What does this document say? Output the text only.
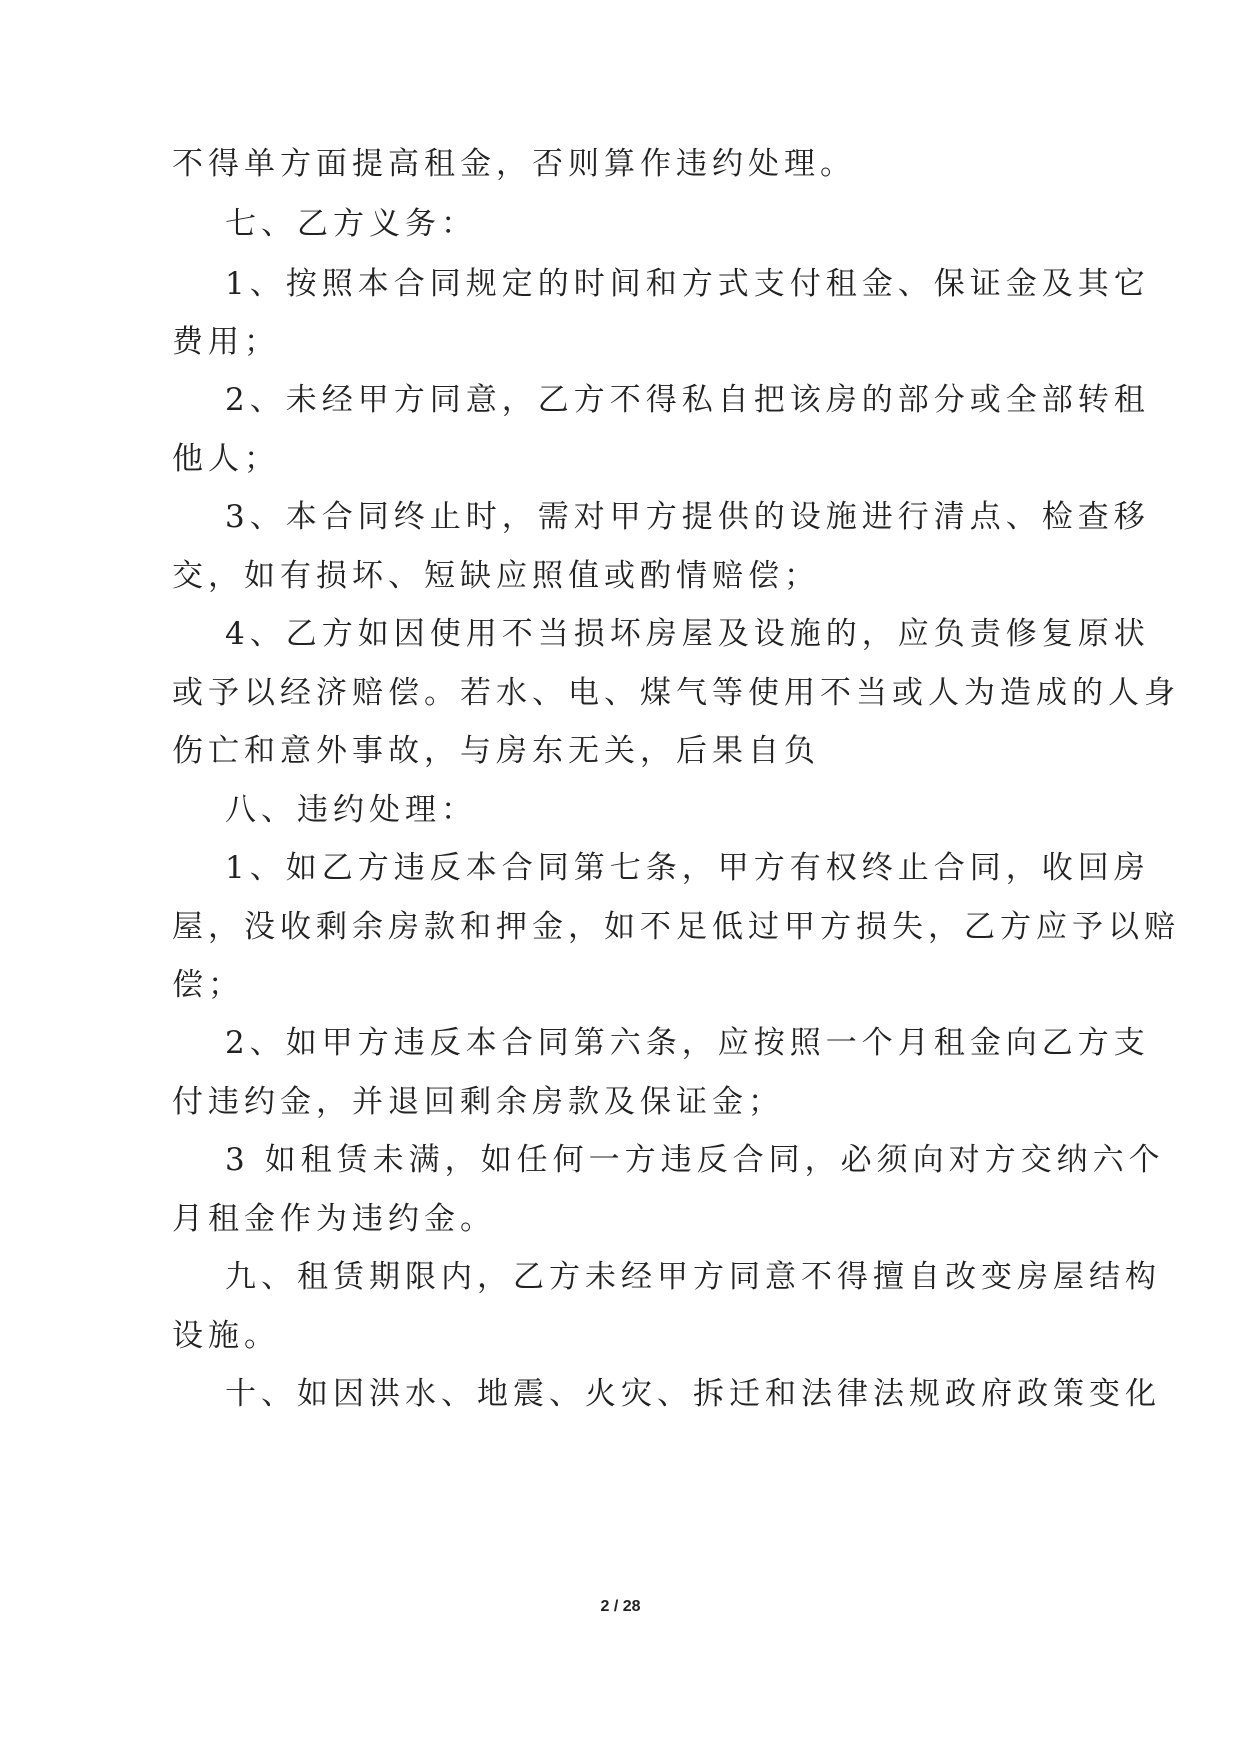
不得单方面提高租金，否则算作违约处理。
七、乙方义务：
1、按照本合同规定的时间和方式支付租金、保证金及其它
费用；
2、未经甲方同意，乙方不得私自把该房的部分或全部转租
他人；
3、本合同终止时，需对甲方提供的设施进行清点、检查移
交，如有损坏、短缺应照值或酌情赔偿；
4、乙方如因使用不当损坏房屋及设施的，应负责修复原状
或予以经济赔偿。若水、电、煤气等使用不当或人为造成的人身
伤亡和意外事故，与房东无关，后果自负
八、违约处理：
1、如乙方违反本合同第七条，甲方有权终止合同，收回房
屋，没收剩余房款和押金，如不足低过甲方损失，乙方应予以赔
偿；
2、如甲方违反本合同第六条，应按照一个月租金向乙方支
付违约金，并退回剩余房款及保证金；
3 如租赁未满，如任何一方违反合同，必须向对方交纳六个
月租金作为违约金。
九、租赁期限内，乙方未经甲方同意不得擅自改变房屋结构
设施。
十、如因洪水、地震、火灾、拆迁和法律法规政府政策变化
2 / 28
